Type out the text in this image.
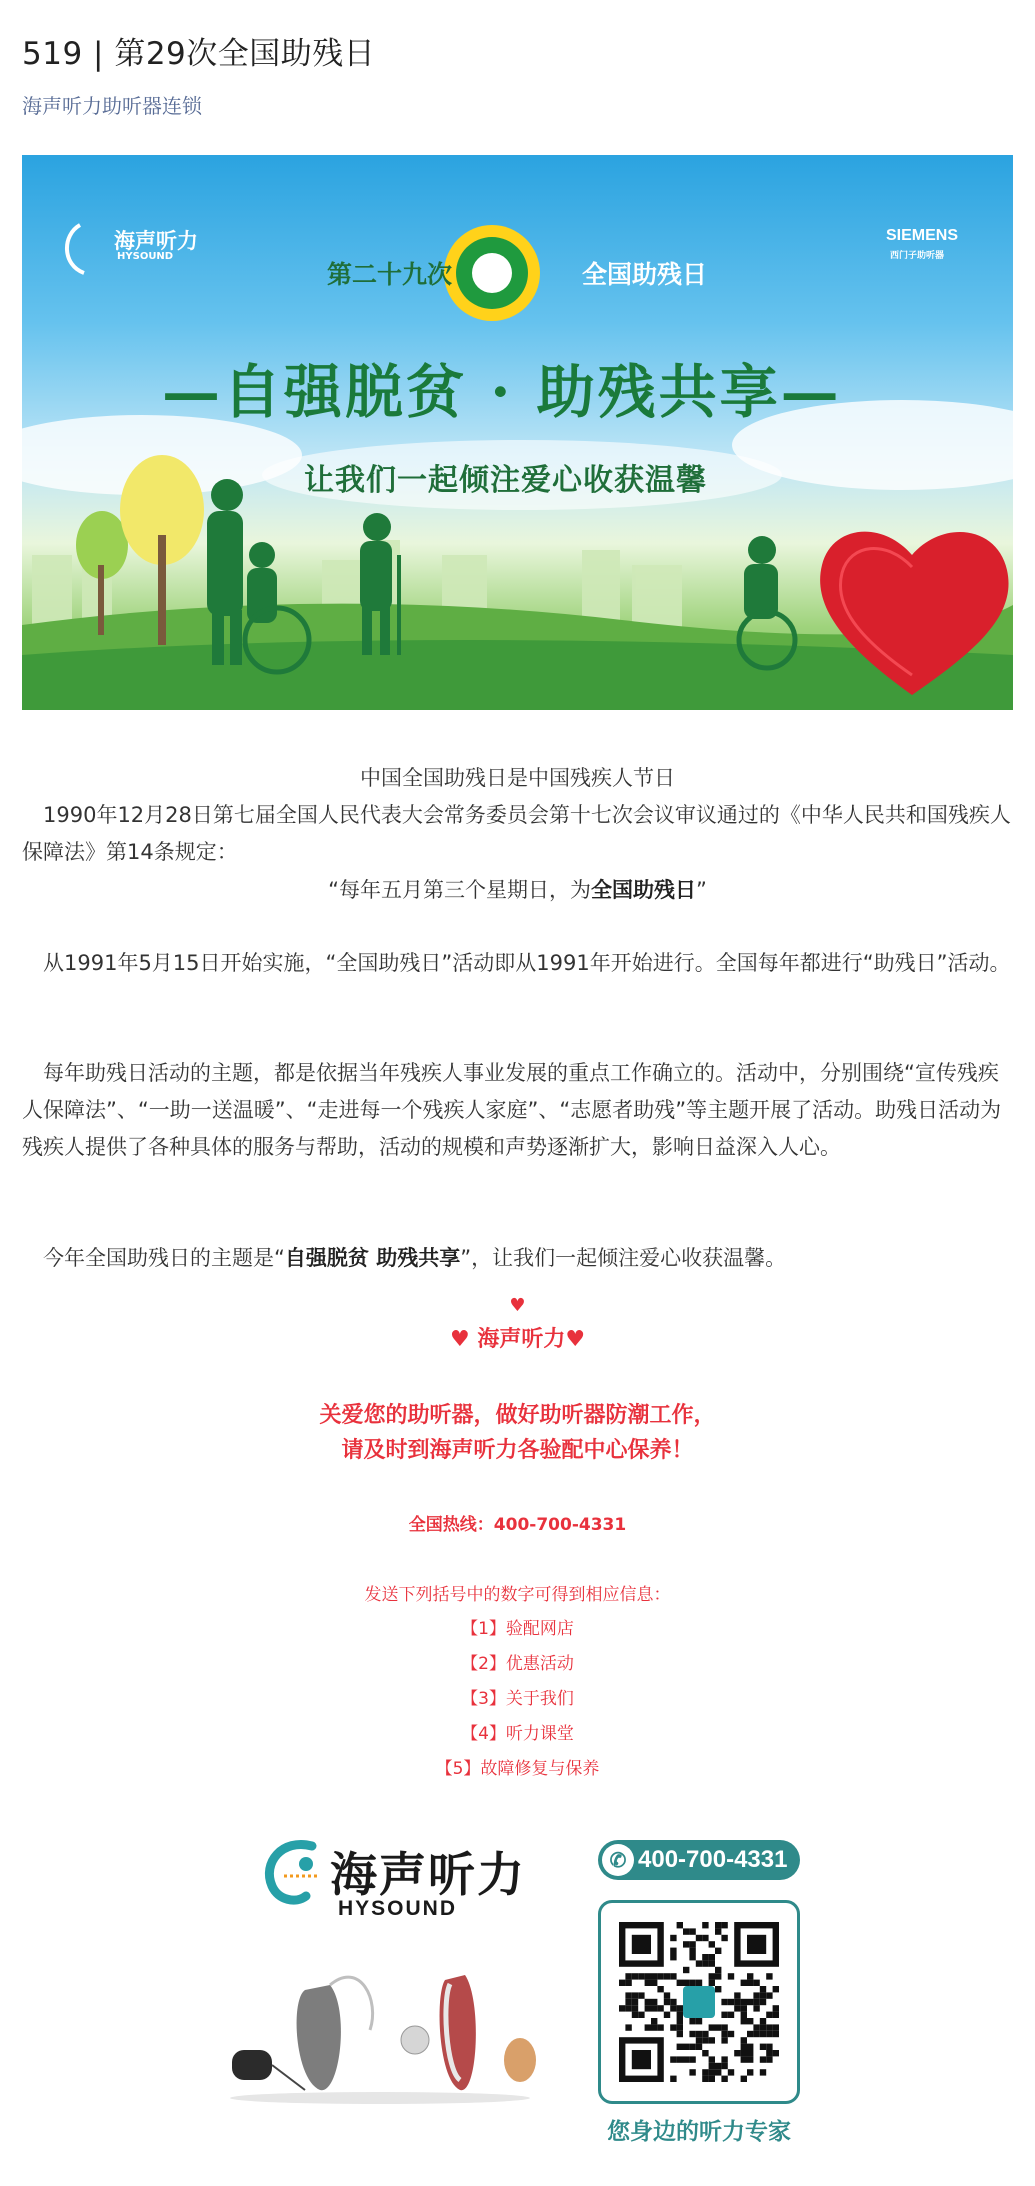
519 | 第29次全国助残日
海声听力助听器连锁
海声听力
HYSOUND
SIEMENS
西门子助听器
第二十九次	全国助残日
—自强脱贫 · 助残共享—
让我们一起倾注爱心收获温馨
中国全国助残日是中国残疾人节日
　1990年12月28日第七届全国人民代表大会常务委员会第十七次会议审议通过的《中华人民共和国残疾人保障法》第14条规定：
“每年五月第三个星期日，为全国助残日”
　从1991年5月15日开始实施，“全国助残日”活动即从1991年开始进行。全国每年都进行“助残日”活动。
　每年助残日活动的主题，都是依据当年残疾人事业发展的重点工作确立的。活动中，分别围绕“宣传残疾人保障法”、“一助一送温暖”、“走进每一个残疾人家庭”、“志愿者助残”等主题开展了活动。助残日活动为残疾人提供了各种具体的服务与帮助，活动的规模和声势逐渐扩大，影响日益深入人心。
　今年全国助残日的主题是“自强脱贫 助残共享”，让我们一起倾注爱心收获温馨。
♥
♥ 海声听力♥
关爱您的助听器，做好助听器防潮工作，
请及时到海声听力各验配中心保养！
全国热线：400-700-4331
发送下列括号中的数字可得到相应信息：
【1】验配网店
【2】优惠活动
【3】关于我们
【4】听力课堂
【5】故障修复与保养
海声听力
HYSOUND
✆ 400-700-4331
您身边的听力专家
